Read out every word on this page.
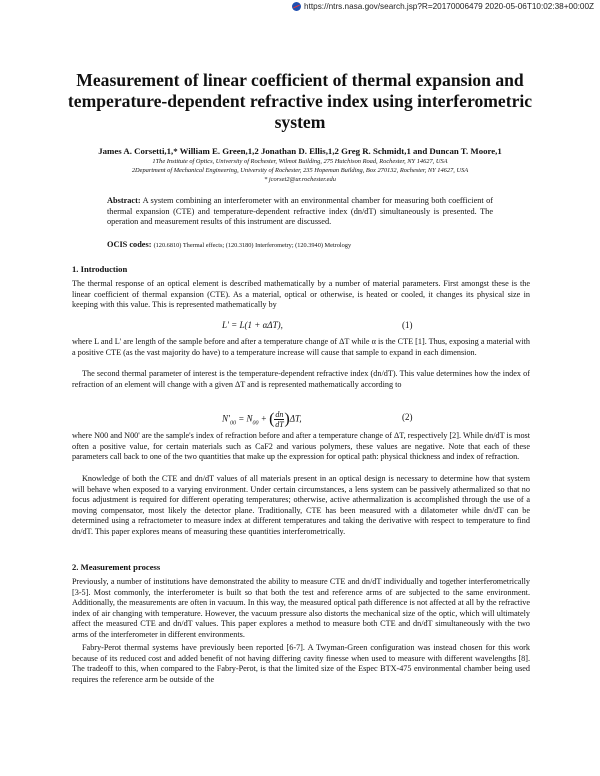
https://ntrs.nasa.gov/search.jsp?R=20170006479 2020-05-06T10:02:38+00:00Z
Measurement of linear coefficient of thermal expansion and temperature-dependent refractive index using interferometric system
James A. Corsetti,1,* William E. Green,1,2 Jonathan D. Ellis,1,2 Greg R. Schmidt,1 and Duncan T. Moore,1
1The Institute of Optics, University of Rochester, Wilmot Building, 275 Hutchison Road, Rochester, NY 14627, USA
2Department of Mechanical Engineering, University of Rochester, 235 Hopeman Building, Box 270132, Rochester, NY 14627, USA
* jcorset2@ur.rochester.edu
Abstract: A system combining an interferometer with an environmental chamber for measuring both coefficient of thermal expansion (CTE) and temperature-dependent refractive index (dn/dT) simultaneously is presented. The operation and measurement results of this instrument are discussed.
OCIS codes: (120.6810) Thermal effects; (120.3180) Interferometry; (120.3940) Metrology
1. Introduction
The thermal response of an optical element is described mathematically by a number of material parameters. First amongst these is the linear coefficient of thermal expansion (CTE). As a material, optical or otherwise, is heated or cooled, it changes its physical size in keeping with this value. This is represented mathematically by
L' = L(1 + αΔT),	(1)
where L and L' are length of the sample before and after a temperature change of ΔT while α is the CTE [1]. Thus, exposing a material with a positive CTE (as the vast majority do have) to a temperature increase will cause that sample to expand in each dimension.
The second thermal parameter of interest is the temperature-dependent refractive index (dn/dT). This value determines how the index of refraction of an element will change with a given ΔT and is represented mathematically according to
$N'_{00} = N_{00}$ + ( $\frac{dn}{dT} )\Delta T$,	(2)
where N00 and N00' are the sample's index of refraction before and after a temperature change of ΔT, respectively [2]. While dn/dT is most often a positive value, for certain materials such as CaF2 and various polymers, these values are negative. Note that each of these parameters call back to one of the two quantities that make up the expression for optical path: physical thickness and index of refraction.
Knowledge of both the CTE and dn/dT values of all materials present in an optical design is necessary to determine how that system will behave when exposed to a varying environment. Under certain circumstances, a lens system can be passively athermalized so that no focus adjustment is required for different operating temperatures; otherwise, active athermalization is accomplished through the use of a moving compensator, most likely the detector plane. Traditionally, CTE has been measured with a dilatometer while dn/dT can be determined using a refractometer to measure index at different temperatures and taking the derivative with respect to temperature to find dn/dT. This paper explores means of measuring these quantities interferometrically.
2. Measurement process
Previously, a number of institutions have demonstrated the ability to measure CTE and dn/dT individually and together interferometrically [3-5]. Most commonly, the interferometer is built so that both the test and reference arms of are subjected to the same environment. Additionally, the measurements are often in vacuum. In this way, the measured optical path difference is not affected at all by the refractive index of air changing with temperature. However, the vacuum pressure also distorts the mechanical size of the optic, which will ultimately affect the measured CTE and dn/dT values. This paper explores a method to measure both CTE and dn/dT simultaneously with the two arms of the interferometer in different environments.
Fabry-Perot thermal systems have previously been reported [6-7]. A Twyman-Green configuration was instead chosen for this work because of its reduced cost and added benefit of not having differing cavity finesse when used to measure with different wavelengths [8]. The tradeoff to this, when compared to the Fabry-Perot, is that the limited size of the Espec BTX-475 environmental chamber being used requires the reference arm be outside of the
